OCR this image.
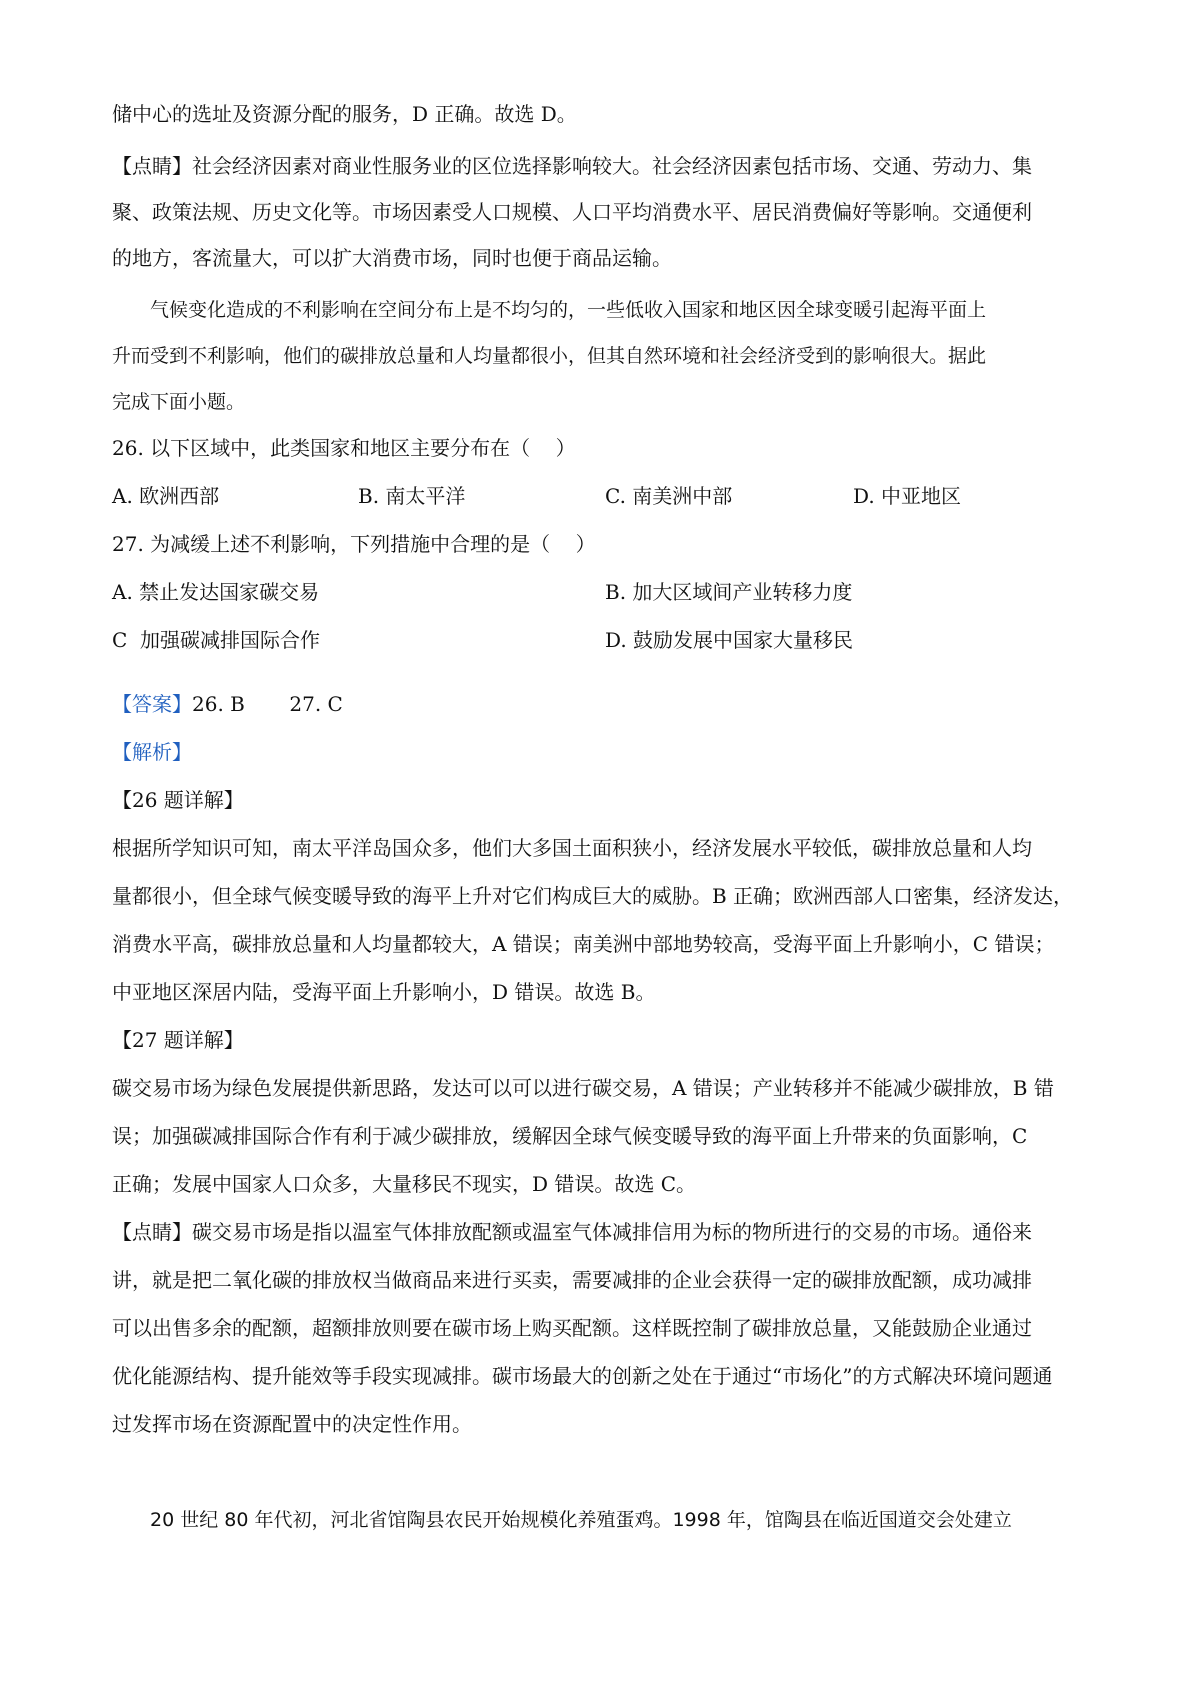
储中心的选址及资源分配的服务，D 正确。故选 D。
【点睛】社会经济因素对商业性服务业的区位选择影响较大。社会经济因素包括市场、交通、劳动力、集
聚、政策法规、历史文化等。市场因素受人口规模、人口平均消费水平、居民消费偏好等影响。交通便利
的地方，客流量大，可以扩大消费市场，同时也便于商品运输。
气候变化造成的不利影响在空间分布上是不均匀的，一些低收入国家和地区因全球变暖引起海平面上
升而受到不利影响，他们的碳排放总量和人均量都很小，但其自然环境和社会经济受到的影响很大。据此
完成下面小题。
26. 以下区域中，此类国家和地区主要分布在（    ）
A. 欧洲西部	B. 南太平洋	C. 南美洲中部	D. 中亚地区
27. 为减缓上述不利影响，下列措施中合理的是（    ）
A. 禁止发达国家碳交易	B. 加大区域间产业转移力度
C  加强碳减排国际合作	D. 鼓励发展中国家大量移民
【答案】26. B       27. C
【解析】
【26 题详解】
根据所学知识可知，南太平洋岛国众多，他们大多国土面积狭小，经济发展水平较低，碳排放总量和人均
量都很小，但全球气候变暖导致的海平上升对它们构成巨大的威胁。B 正确；欧洲西部人口密集，经济发达，
消费水平高，碳排放总量和人均量都较大，A 错误；南美洲中部地势较高，受海平面上升影响小，C 错误；
中亚地区深居内陆，受海平面上升影响小，D 错误。故选 B。
【27 题详解】
碳交易市场为绿色发展提供新思路，发达可以可以进行碳交易，A 错误；产业转移并不能减少碳排放，B 错
误；加强碳减排国际合作有利于减少碳排放，缓解因全球气候变暖导致的海平面上升带来的负面影响，C
正确；发展中国家人口众多，大量移民不现实，D 错误。故选 C。
【点睛】碳交易市场是指以温室气体排放配额或温室气体减排信用为标的物所进行的交易的市场。通俗来
讲，就是把二氧化碳的排放权当做商品来进行买卖，需要减排的企业会获得一定的碳排放配额，成功减排
可以出售多余的配额，超额排放则要在碳市场上购买配额。这样既控制了碳排放总量，又能鼓励企业通过
优化能源结构、提升能效等手段实现减排。碳市场最大的创新之处在于通过“市场化”的方式解决环境问题通
过发挥市场在资源配置中的决定性作用。
20 世纪 80 年代初，河北省馆陶县农民开始规模化养殖蛋鸡。1998 年，馆陶县在临近国道交会处建立
